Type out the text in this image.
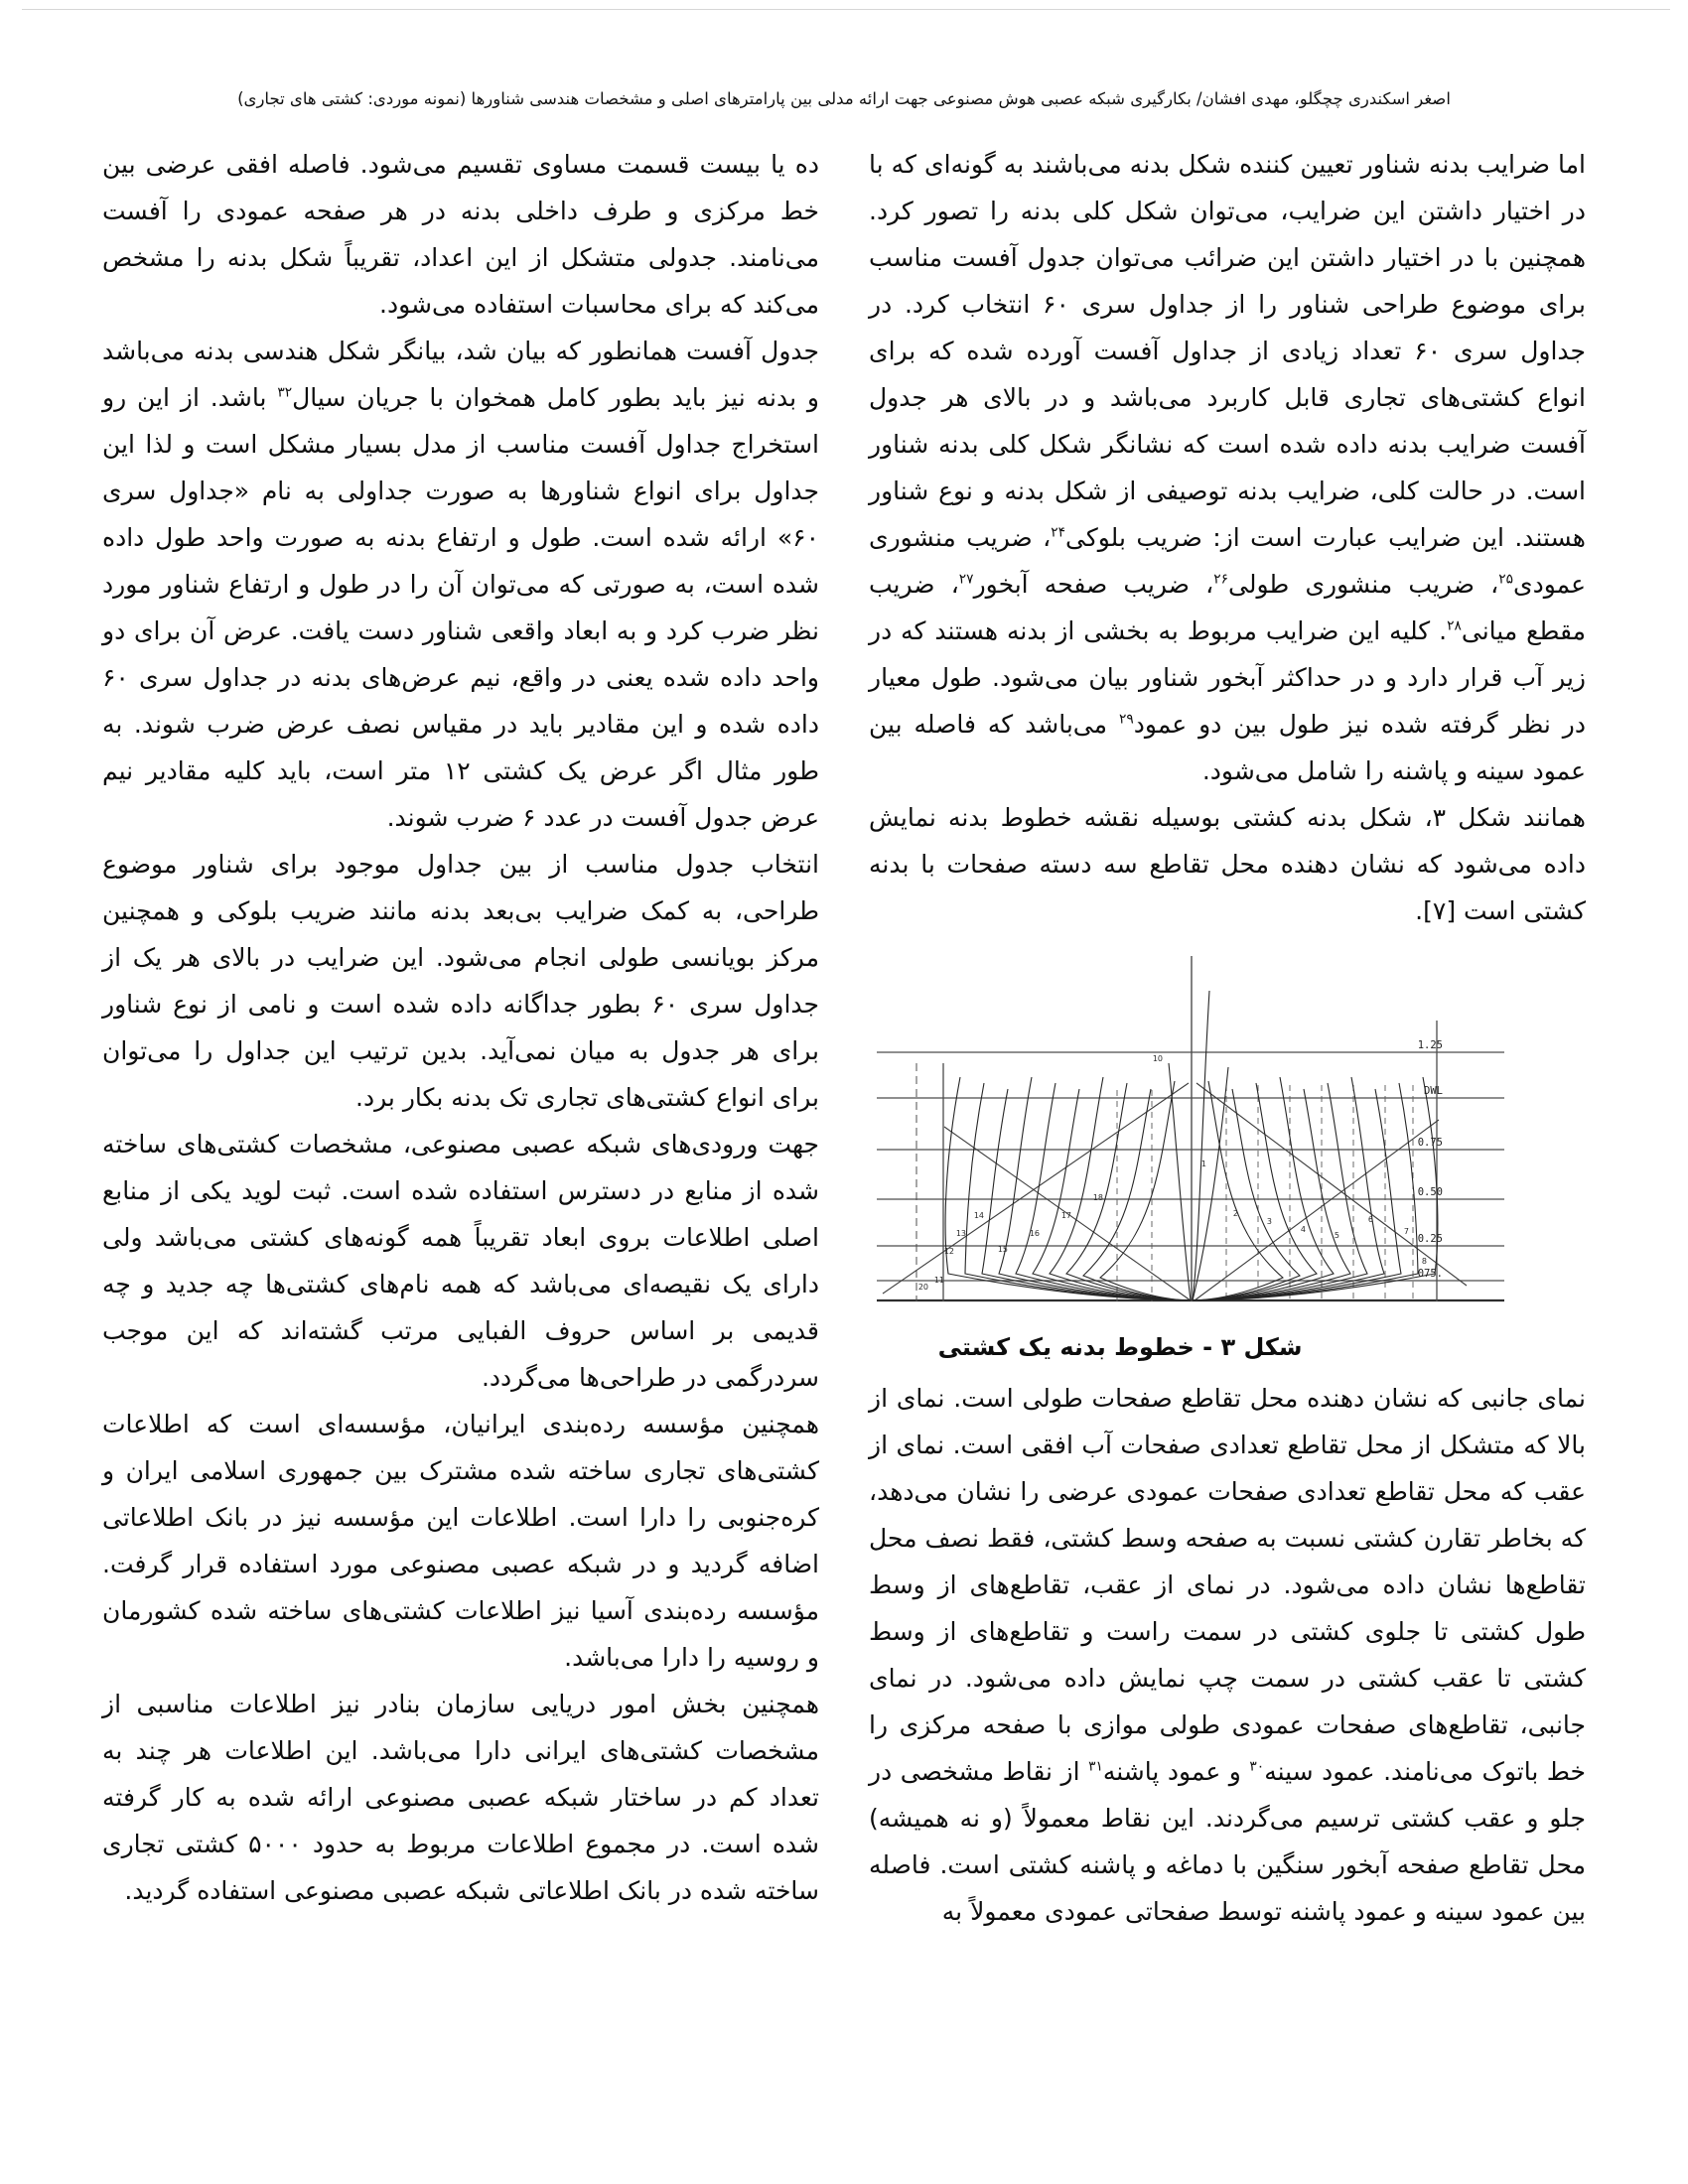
اصغر اسکندری چچگلو، مهدی افشان/ بکارگیری شبکه عصبی هوش مصنوعی جهت ارائه مدلی بین پارامترهای اصلی و مشخصات هندسی شناورها (نمونه موردی: کشتی های تجاری)

اما ضرایب بدنه شناور تعیین کننده شکل بدنه می‌باشند به گونه‌ای که با در اختیار داشتن این ضرایب، می‌توان شکل کلی بدنه را تصور کرد. همچنین با در اختیار داشتن این ضرائب می‌توان جدول آفست مناسب برای موضوع طراحی شناور را از جداول سری ۶۰ انتخاب کرد. در جداول سری ۶۰ تعداد زیادی از جداول آفست آورده شده که برای انواع کشتی‌های تجاری قابل کاربرد می‌باشد و در بالای هر جدول آفست ضرایب بدنه داده شده است که نشانگر شکل کلی بدنه شناور است. در حالت کلی، ضرایب بدنه توصیفی از شکل بدنه و نوع شناور هستند. این ضرایب عبارت است از: ضریب بلوکی$^{۲۴}$، ضریب منشوری عمودی$^{۲۵}$، ضریب منشوری طولی$^{۲۶}$، ضریب صفحه آبخور$^{۲۷}$، ضریب مقطع میانی$^{۲۸}$. کلیه این ضرایب مربوط به بخشی از بدنه هستند که در زیر آب قرار دارد و در حداکثر آبخور شناور بیان می‌شود. طول معیار در نظر گرفته شده نیز طول بین دو عمود$^{۲۹}$ می‌باشد که فاصله بین عمود سینه و پاشنه را شامل می‌شود.

همانند شکل ۳، شکل بدنه کشتی بوسیله نقشه خطوط بدنه نمایش داده می‌شود که نشان دهنده محل تقاطع سه دسته صفحات با بدنه کشتی است [۷].

1.25
DWL
0.75
0.50
0.25
.075
10
18
17
16
15
14
13
12
11
20
1
2
3
4
5
6
7
8
شکل ۳ - خطوط بدنه یک کشتی

نمای جانبی که نشان دهنده محل تقاطع صفحات طولی است. نمای از بالا که متشکل از محل تقاطع تعدادی صفحات آب افقی است. نمای از عقب که محل تقاطع تعدادی صفحات عمودی عرضی را نشان می‌دهد، که بخاطر تقارن کشتی نسبت به صفحه وسط کشتی، فقط نصف محل تقاطع‌ها نشان داده می‌شود. در نمای از عقب، تقاطع‌های از وسط طول کشتی تا جلوی کشتی در سمت راست و تقاطع‌های از وسط کشتی تا عقب کشتی در سمت چپ نمایش داده می‌شود. در نمای جانبی، تقاطع‌های صفحات عمودی طولی موازی با صفحه مرکزی را خط باتوک می‌نامند. عمود سینه$^{۳۰}$ و عمود پاشنه$^{۳۱}$ از نقاط مشخصی در جلو و عقب کشتی ترسیم می‌گردند. این نقاط معمولاً (و نه همیشه) محل تقاطع صفحه آبخور سنگین با دماغه و پاشنه کشتی است. فاصله بین عمود سینه و عمود پاشنه توسط صفحاتی عمودی معمولاً به

ده یا بیست قسمت مساوی تقسیم می‌شود. فاصله افقی عرضی بین خط مرکزی و طرف داخلی بدنه در هر صفحه عمودی را آفست می‌نامند. جدولی متشکل از این اعداد، تقریباً شکل بدنه را مشخص می‌کند که برای محاسبات استفاده می‌شود.

جدول آفست همانطور که بیان شد، بیانگر شکل هندسی بدنه می‌باشد و بدنه نیز باید بطور کامل همخوان با جریان سیال$^{۳۲}$ باشد. از این رو استخراج جداول آفست مناسب از مدل بسیار مشکل است و لذا این جداول برای انواع شناورها به صورت جداولی به نام «جداول سری ۶۰» ارائه شده است. طول و ارتفاع بدنه به صورت واحد طول داده شده است، به صورتی که می‌توان آن را در طول و ارتفاع شناور مورد نظر ضرب کرد و به ابعاد واقعی شناور دست یافت. عرض آن برای دو واحد داده شده یعنی در واقع، نیم عرض‌های بدنه در جداول سری ۶۰ داده شده و این مقادیر باید در مقیاس نصف عرض ضرب شوند. به طور مثال اگر عرض یک کشتی ۱۲ متر است، باید کلیه مقادیر نیم عرض جدول آفست در عدد ۶ ضرب شوند.

انتخاب جدول مناسب از بین جداول موجود برای شناور موضوع طراحی، به کمک ضرایب بی‌بعد بدنه مانند ضریب بلوکی و همچنین مرکز بویانسی طولی انجام می‌شود. این ضرایب در بالای هر یک از جداول سری ۶۰ بطور جداگانه داده شده است و نامی از نوع شناور برای هر جدول به میان نمی‌آید. بدین ترتیب این جداول را می‌توان برای انواع کشتی‌های تجاری تک بدنه بکار برد.

جهت ورودی‌های شبکه عصبی مصنوعی، مشخصات کشتی‌های ساخته شده از منابع در دسترس استفاده شده است. ثبت لوید یکی از منابع اصلی اطلاعات بروی ابعاد تقریباً همه گونه‌های کشتی می‌باشد ولی دارای یک نقیصه‌ای می‌باشد که همه نام‌های کشتی‌ها چه جدید و چه قدیمی بر اساس حروف الفبایی مرتب گشته‌اند که این موجب سردرگمی در طراحی‌ها می‌گردد.

همچنین مؤسسه رده‌بندی ایرانیان، مؤسسه‌ای است که اطلاعات کشتی‌های تجاری ساخته شده مشترک بین جمهوری اسلامی ایران و کره‌جنوبی را دارا است. اطلاعات این مؤسسه نیز در بانک اطلاعاتی اضافه گردید و در شبکه عصبی مصنوعی مورد استفاده قرار گرفت. مؤسسه رده‌بندی آسیا نیز اطلاعات کشتی‌های ساخته شده کشورمان و روسیه را دارا می‌باشد.

همچنین بخش امور دریایی سازمان بنادر نیز اطلاعات مناسبی از مشخصات کشتی‌های ایرانی دارا می‌باشد. این اطلاعات هر چند به تعداد کم در ساختار شبکه عصبی مصنوعی ارائه شده به کار گرفته شده است. در مجموع اطلاعات مربوط به حدود ۵۰۰۰ کشتی تجاری ساخته شده در بانک اطلاعاتی شبکه عصبی مصنوعی استفاده گردید.
